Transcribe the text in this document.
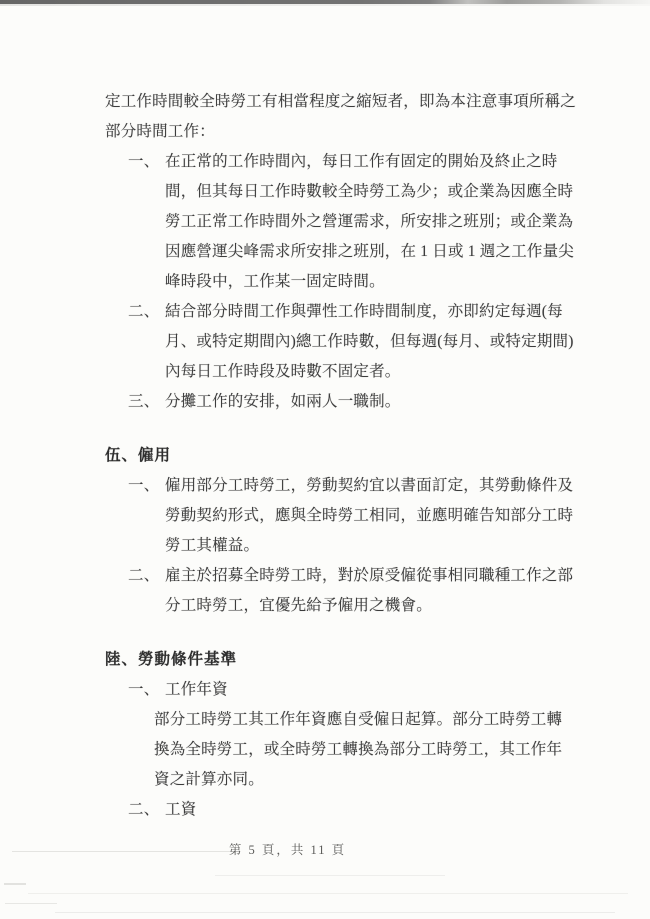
定工作時間較全時勞工有相當程度之縮短者，即為本注意事項所稱之
部分時間工作：
一、 在正常的工作時間內，每日工作有固定的開始及終止之時
間，但其每日工作時數較全時勞工為少；或企業為因應全時
勞工正常工作時間外之營運需求，所安排之班別；或企業為
因應營運尖峰需求所安排之班別，在 1 日或 1 週之工作量尖
峰時段中，工作某一固定時間。
二、 結合部分時間工作與彈性工作時間制度，亦即約定每週(每
月、或特定期間內)總工作時數，但每週(每月、或特定期間)
內每日工作時段及時數不固定者。
三、 分攤工作的安排，如兩人一職制。
伍、僱用
一、 僱用部分工時勞工，勞動契約宜以書面訂定，其勞動條件及
勞動契約形式，應與全時勞工相同，並應明確告知部分工時
勞工其權益。
二、 雇主於招募全時勞工時，對於原受僱從事相同職種工作之部
分工時勞工，宜優先給予僱用之機會。
陸、勞動條件基準
一、 工作年資
部分工時勞工其工作年資應自受僱日起算。部分工時勞工轉
換為全時勞工，或全時勞工轉換為部分工時勞工，其工作年
資之計算亦同。
二、 工資
第 5 頁，共 11 頁
